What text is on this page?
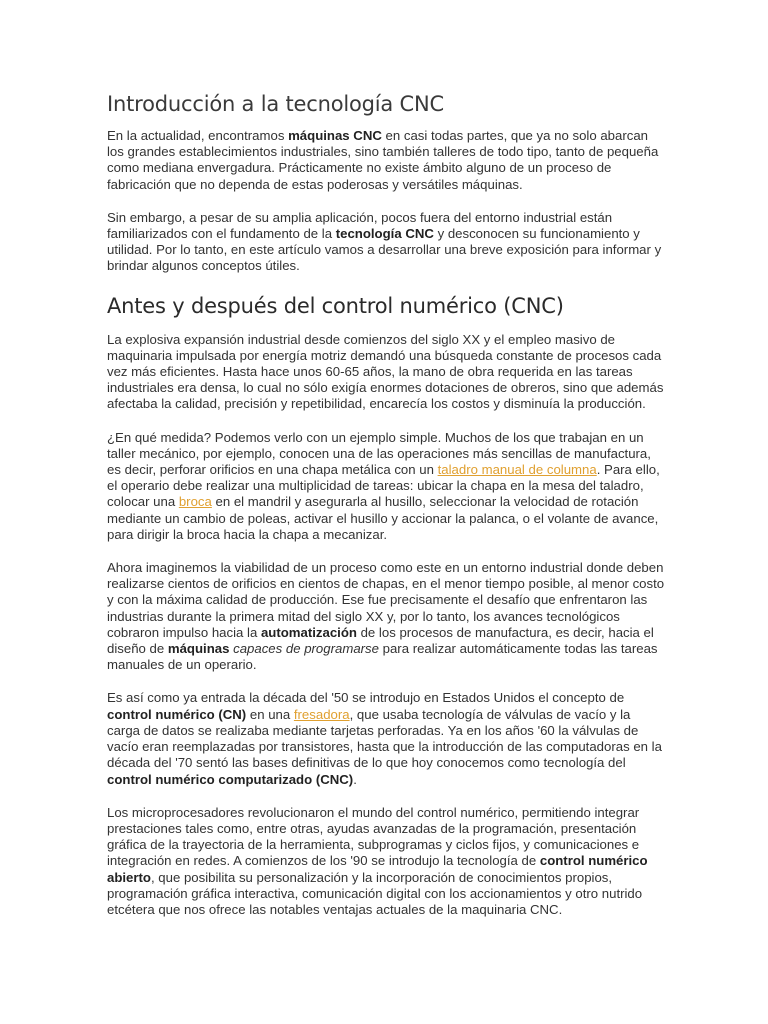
Introducción a la tecnología CNC

En la actualidad, encontramos máquinas CNC en casi todas partes, que ya no solo abarcan los grandes establecimientos industriales, sino también talleres de todo tipo, tanto de pequeña como mediana envergadura. Prácticamente no existe ámbito alguno de un proceso de fabricación que no dependa de estas poderosas y versátiles máquinas.

Sin embargo, a pesar de su amplia aplicación, pocos fuera del entorno industrial están familiarizados con el fundamento de la tecnología CNC y desconocen su funcionamiento y utilidad. Por lo tanto, en este artículo vamos a desarrollar una breve exposición para informar y brindar algunos conceptos útiles.

Antes y después del control numérico (CNC)

La explosiva expansión industrial desde comienzos del siglo XX y el empleo masivo de maquinaria impulsada por energía motriz demandó una búsqueda constante de procesos cada vez más eficientes. Hasta hace unos 60-65 años, la mano de obra requerida en las tareas industriales era densa, lo cual no sólo exigía enormes dotaciones de obreros, sino que además afectaba la calidad, precisión y repetibilidad, encarecía los costos y disminuía la producción.

¿En qué medida? Podemos verlo con un ejemplo simple. Muchos de los que trabajan en un taller mecánico, por ejemplo, conocen una de las operaciones más sencillas de manufactura, es decir, perforar orificios en una chapa metálica con un taladro manual de columna. Para ello, el operario debe realizar una multiplicidad de tareas: ubicar la chapa en la mesa del taladro, colocar una broca en el mandril y asegurarla al husillo, seleccionar la velocidad de rotación mediante un cambio de poleas, activar el husillo y accionar la palanca, o el volante de avance, para dirigir la broca hacia la chapa a mecanizar.

Ahora imaginemos la viabilidad de un proceso como este en un entorno industrial donde deben realizarse cientos de orificios en cientos de chapas, en el menor tiempo posible, al menor costo y con la máxima calidad de producción. Ese fue precisamente el desafío que enfrentaron las industrias durante la primera mitad del siglo XX y, por lo tanto, los avances tecnológicos cobraron impulso hacia la automatización de los procesos de manufactura, es decir, hacia el diseño de máquinas capaces de programarse para realizar automáticamente todas las tareas manuales de un operario.

Es así como ya entrada la década del '50 se introdujo en Estados Unidos el concepto de control numérico (CN) en una fresadora, que usaba tecnología de válvulas de vacío y la carga de datos se realizaba mediante tarjetas perforadas. Ya en los años '60 la válvulas de vacío eran reemplazadas por transistores, hasta que la introducción de las computadoras en la década del '70 sentó las bases definitivas de lo que hoy conocemos como tecnología del control numérico computarizado (CNC).

Los microprocesadores revolucionaron el mundo del control numérico, permitiendo integrar prestaciones tales como, entre otras, ayudas avanzadas de la programación, presentación gráfica de la trayectoria de la herramienta, subprogramas y ciclos fijos, y comunicaciones e integración en redes. A comienzos de los '90 se introdujo la tecnología de control numérico abierto, que posibilita su personalización y la incorporación de conocimientos propios, programación gráfica interactiva, comunicación digital con los accionamientos y otro nutrido etcétera que nos ofrece las notables ventajas actuales de la maquinaria CNC.
